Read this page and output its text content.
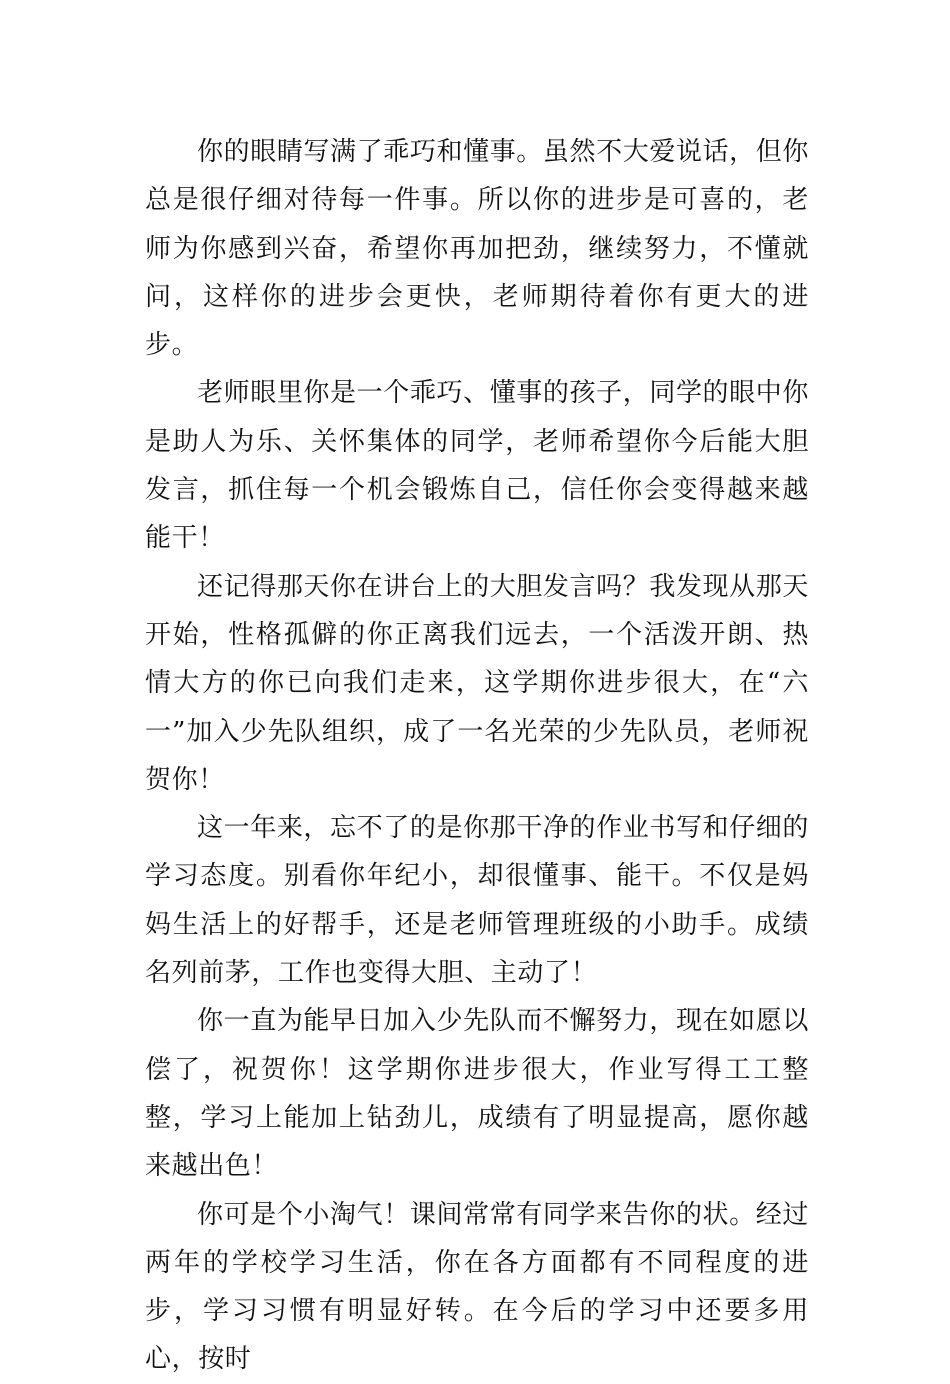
你的眼睛写满了乖巧和懂事。虽然不大爱说话，但你总是很仔细对待每一件事。所以你的进步是可喜的，老师为你感到兴奋，希望你再加把劲，继续努力，不懂就问，这样你的进步会更快，老师期待着你有更大的进步。

老师眼里你是一个乖巧、懂事的孩子，同学的眼中你是助人为乐、关怀集体的同学，老师希望你今后能大胆发言，抓住每一个机会锻炼自己，信任你会变得越来越能干！

还记得那天你在讲台上的大胆发言吗？我发现从那天开始，性格孤僻的你正离我们远去，一个活泼开朗、热情大方的你已向我们走来，这学期你进步很大，在“六一”加入少先队组织，成了一名光荣的少先队员，老师祝贺你！

这一年来，忘不了的是你那干净的作业书写和仔细的学习态度。别看你年纪小，却很懂事、能干。不仅是妈妈生活上的好帮手，还是老师管理班级的小助手。成绩名列前茅，工作也变得大胆、主动了！

你一直为能早日加入少先队而不懈努力，现在如愿以偿了，祝贺你！这学期你进步很大，作业写得工工整整，学习上能加上钻劲儿，成绩有了明显提高，愿你越来越出色！

你可是个小淘气！课间常常有同学来告你的状。经过两年的学校学习生活，你在各方面都有不同程度的进步，学习习惯有明显好转。在今后的学习中还要多用心，按时
